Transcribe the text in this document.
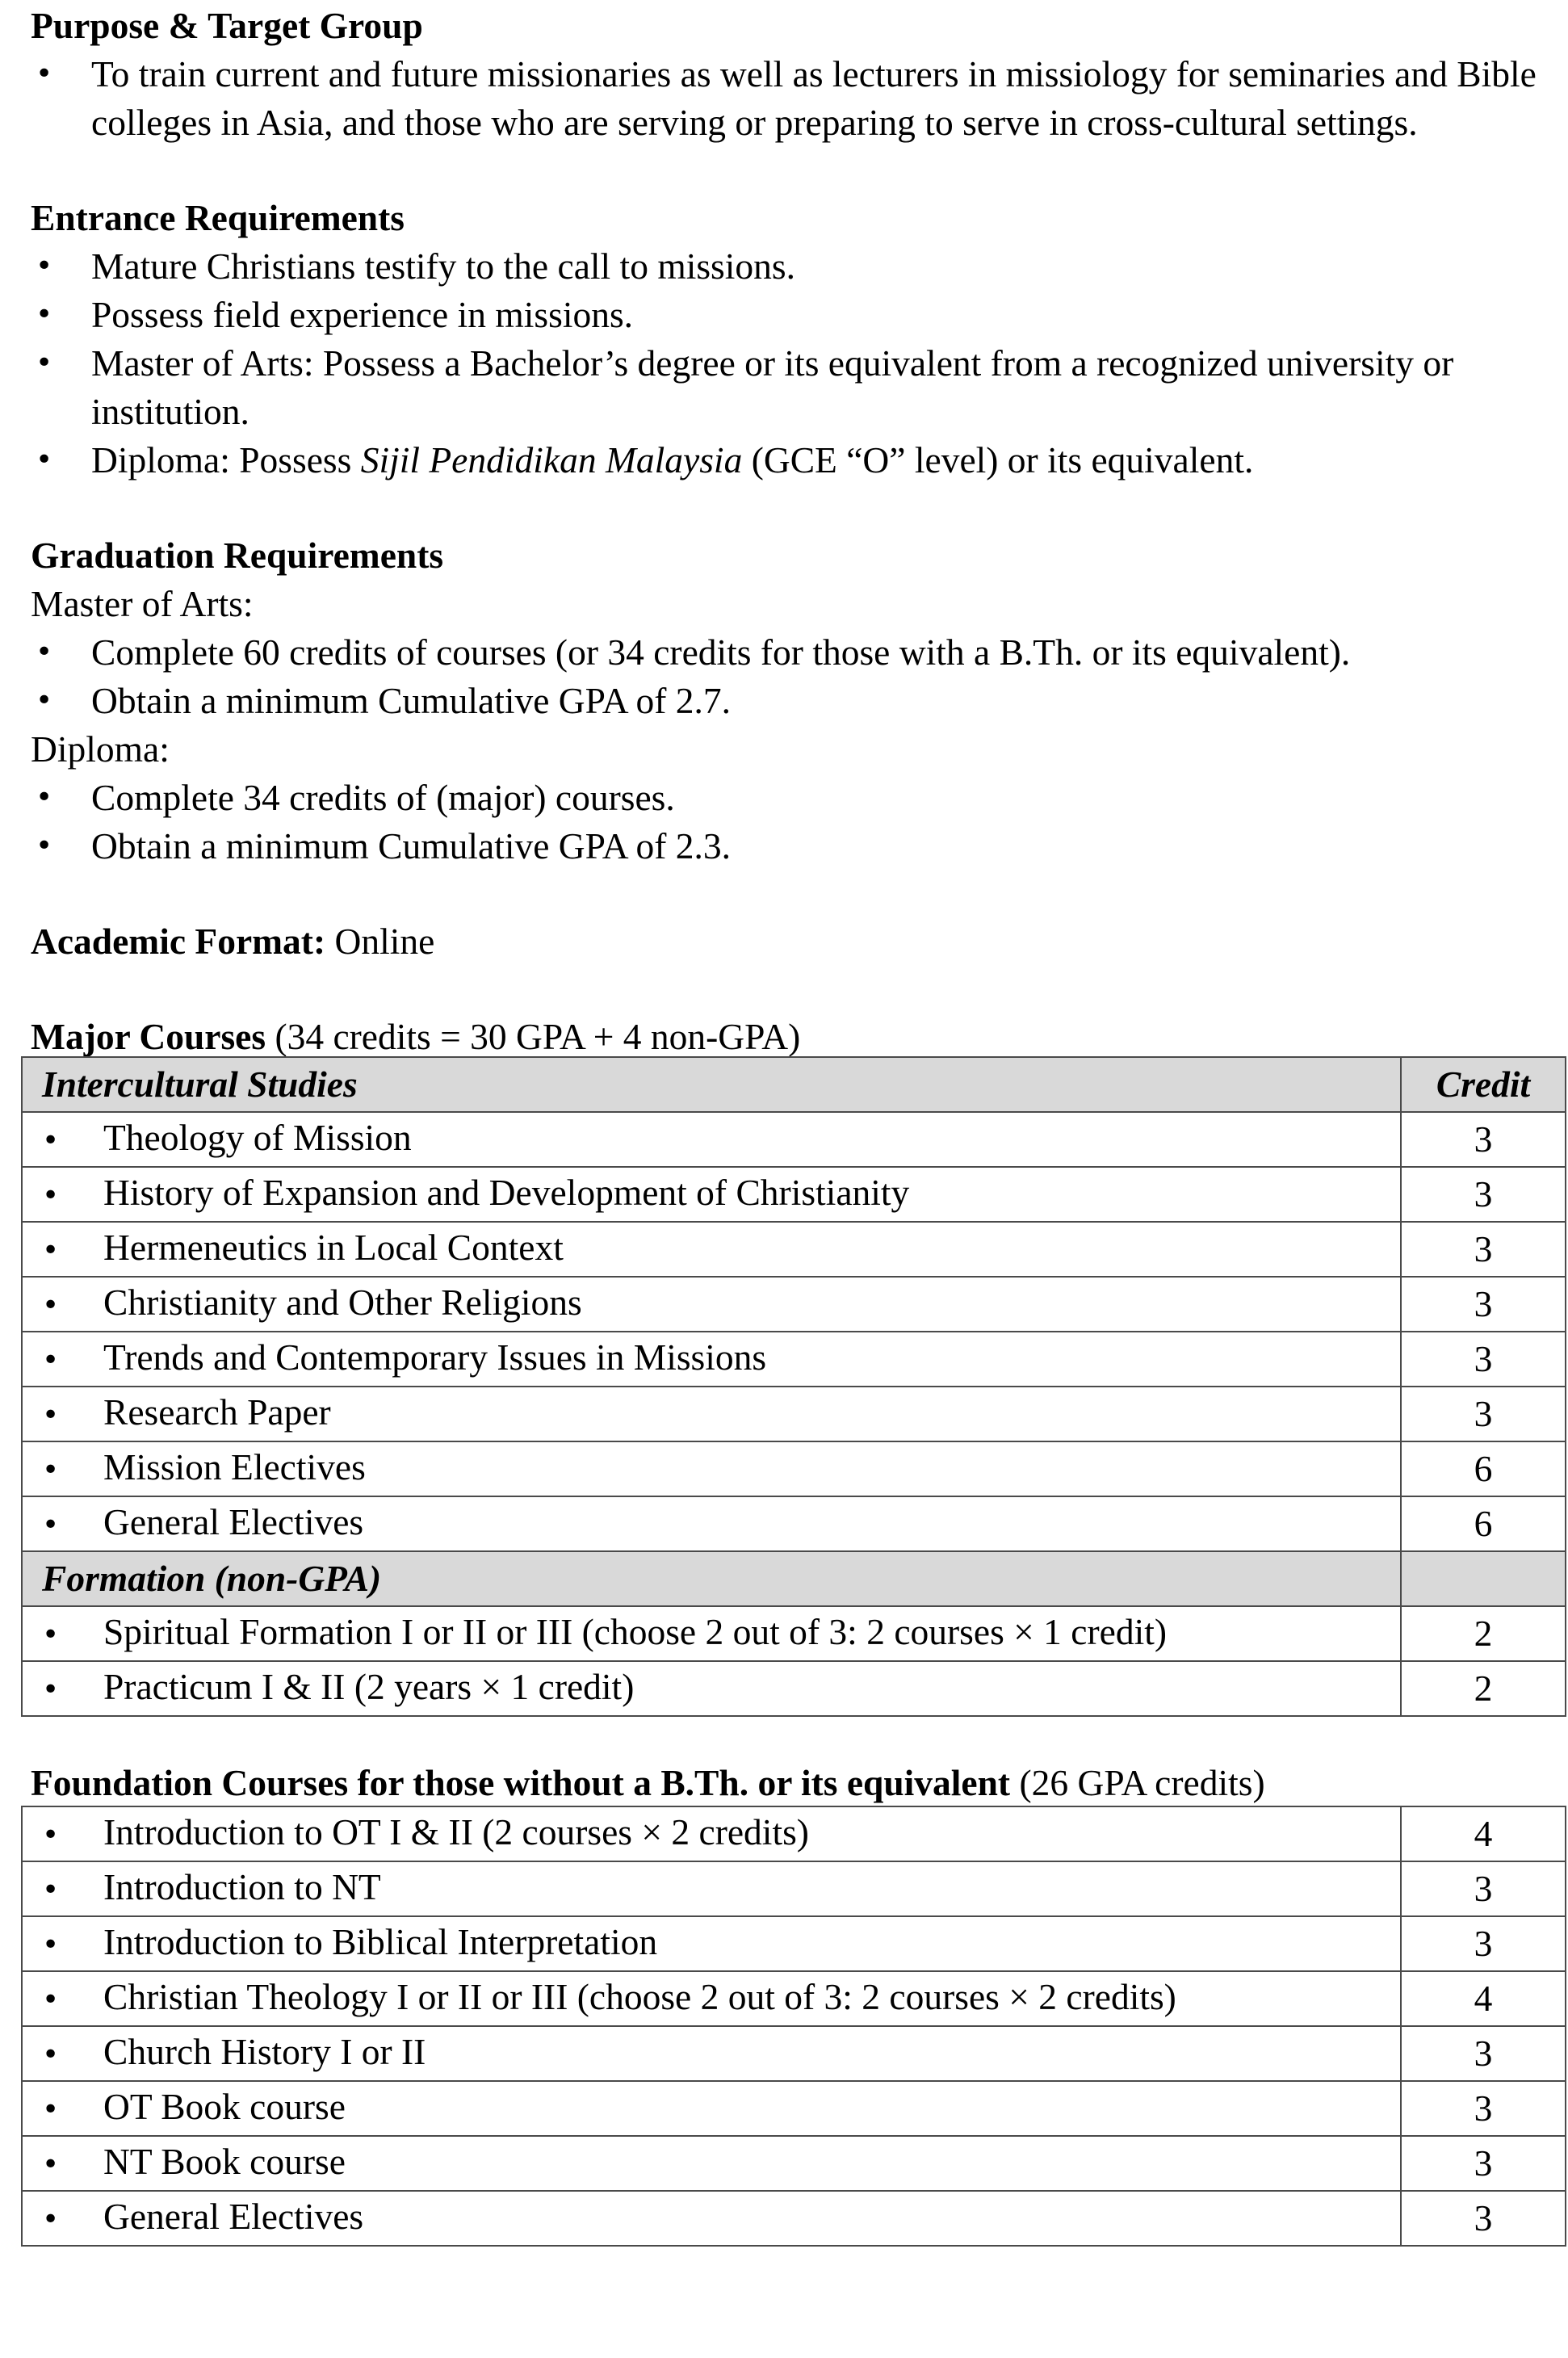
Purpose & Target Group
• To train current and future missionaries as well as lecturers in missiology for seminaries and Bible colleges in Asia, and those who are serving or preparing to serve in cross-cultural settings.
Entrance Requirements
• Mature Christians testify to the call to missions.
• Possess field experience in missions.
• Master of Arts: Possess a Bachelor’s degree or its equivalent from a recognized university or institution.
• Diploma: Possess Sijil Pendidikan Malaysia (GCE “O” level) or its equivalent.
Graduation Requirements
Master of Arts:
• Complete 60 credits of courses (or 34 credits for those with a B.Th. or its equivalent).
• Obtain a minimum Cumulative GPA of 2.7.
Diploma:
• Complete 34 credits of (major) courses.
• Obtain a minimum Cumulative GPA of 2.3.
Academic Format: Online
Major Courses (34 credits = 30 GPA + 4 non-GPA)
Intercultural Studies	Credit
• Theology of Mission	3
• History of Expansion and Development of Christianity	3
• Hermeneutics in Local Context	3
• Christianity and Other Religions	3
• Trends and Contemporary Issues in Missions	3
• Research Paper	3
• Mission Electives	6
• General Electives	6
Formation (non-GPA)	
• Spiritual Formation I or II or III (choose 2 out of 3: 2 courses × 1 credit)	2
• Practicum I & II (2 years × 1 credit)	2
Foundation Courses for those without a B.Th. or its equivalent (26 GPA credits)
• Introduction to OT I & II (2 courses × 2 credits)	4
• Introduction to NT	3
• Introduction to Biblical Interpretation	3
• Christian Theology I or II or III (choose 2 out of 3: 2 courses × 2 credits)	4
• Church History I or II	3
• OT Book course	3
• NT Book course	3
• General Electives	3
